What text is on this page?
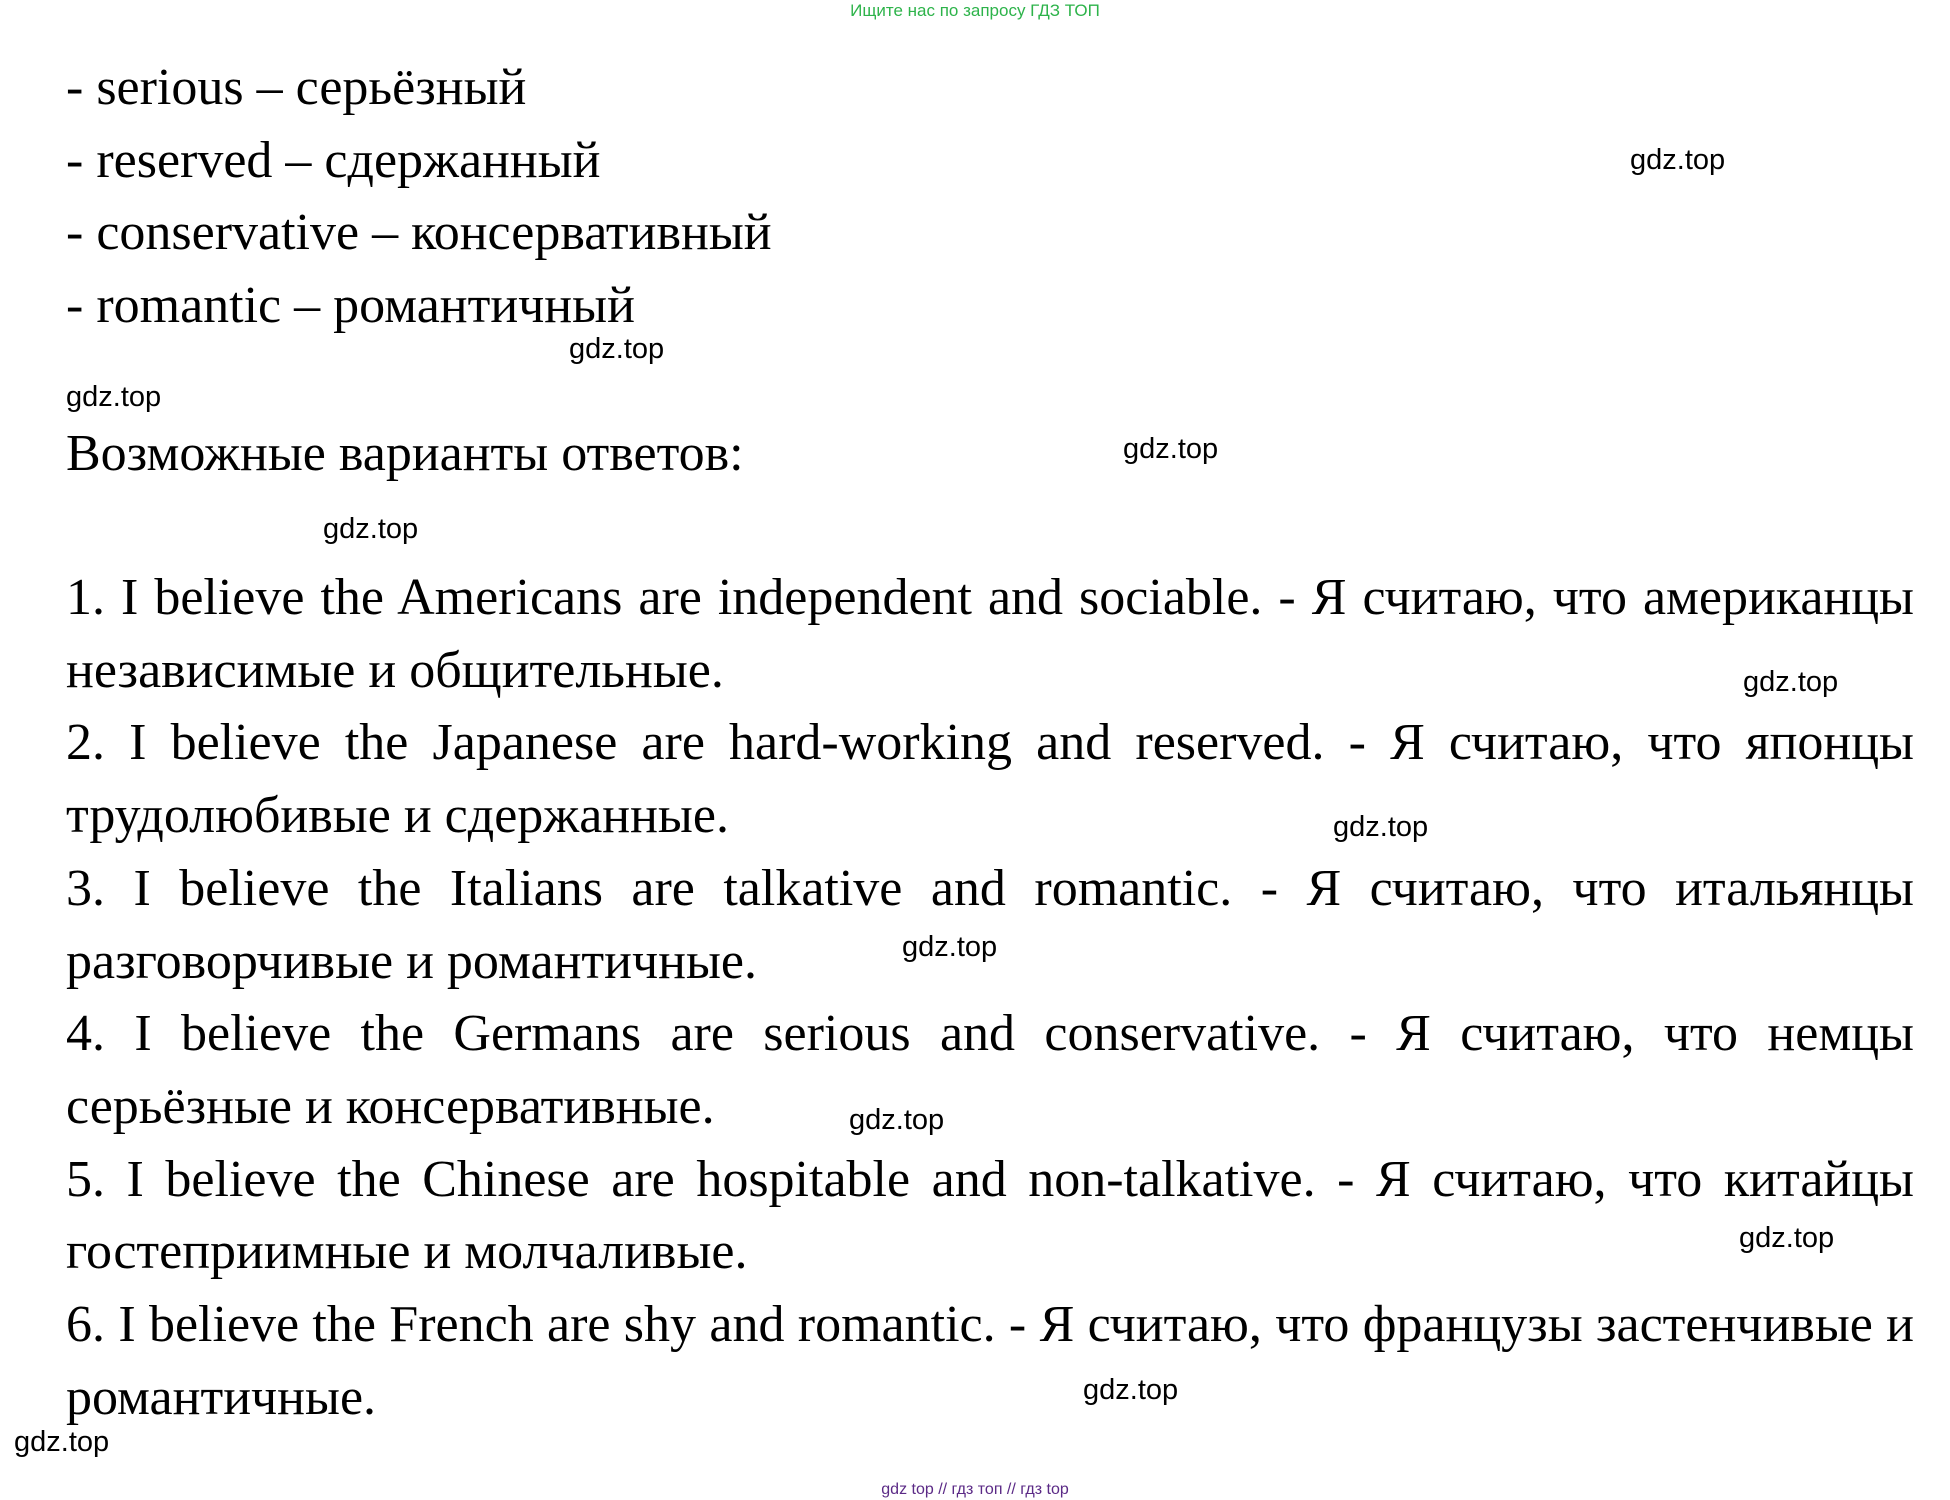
Ищите нас по запросу ГДЗ ТОП
- serious – серьёзный
- reserved – сдержанный
- conservative – консервативный
- romantic – романтичный
Возможные варианты ответов:
1. I believe the Americans are independent and sociable. - Я считаю, что американцы независимые и общительные.
2. I believe the Japanese are hard-working and reserved. - Я считаю, что японцы трудолюбивые и сдержанные.
3. I believe the Italians are talkative and romantic. - Я считаю, что итальянцы разговорчивые и романтичные.
4. I believe the Germans are serious and conservative. - Я считаю, что немцы серьёзные и консервативные.
5. I believe the Chinese are hospitable and non-talkative. - Я считаю, что китайцы гостеприимные и молчаливые.
6. I believe the French are shy and romantic. - Я считаю, что французы застенчивые и романтичные.
gdz.top
gdz.top
gdz.top
gdz.top
gdz.top
gdz.top
gdz.top
gdz.top
gdz.top
gdz.top
gdz.top
gdz.top
gdz top // гдз топ // гдз top
